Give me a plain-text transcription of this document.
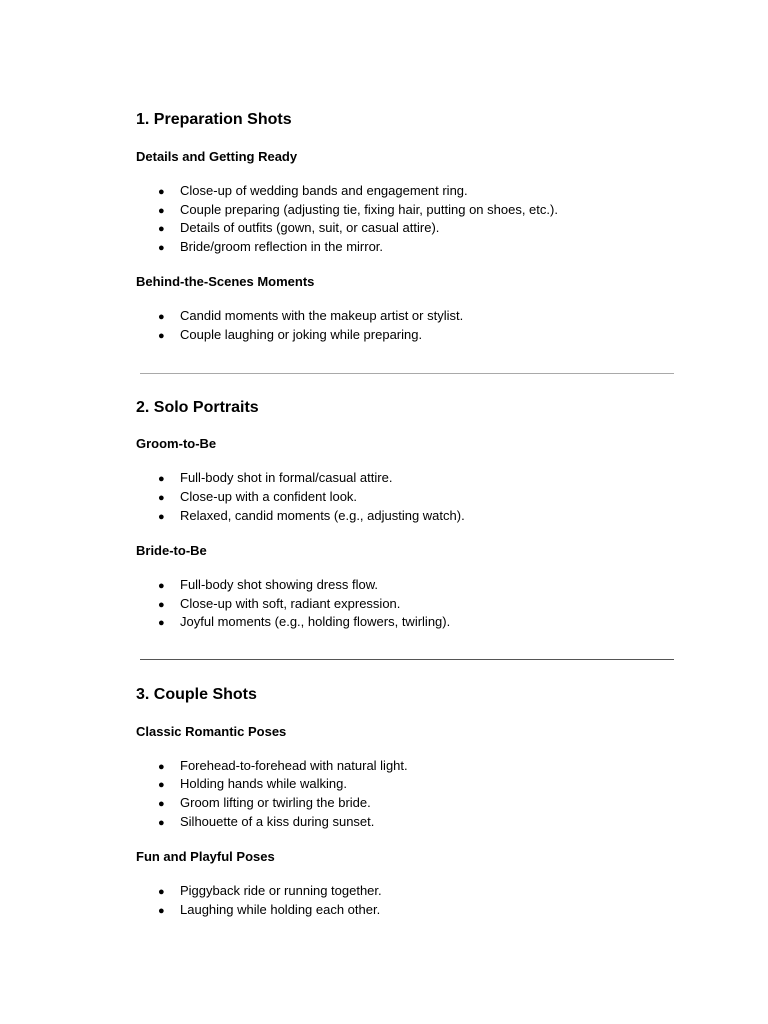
1. Preparation Shots
Details and Getting Ready
● Close-up of wedding bands and engagement ring.
● Couple preparing (adjusting tie, fixing hair, putting on shoes, etc.).
● Details of outfits (gown, suit, or casual attire).
● Bride/groom reflection in the mirror.
Behind-the-Scenes Moments
● Candid moments with the makeup artist or stylist.
● Couple laughing or joking while preparing.
2. Solo Portraits
Groom-to-Be
● Full-body shot in formal/casual attire.
● Close-up with a confident look.
● Relaxed, candid moments (e.g., adjusting watch).
Bride-to-Be
● Full-body shot showing dress flow.
● Close-up with soft, radiant expression.
● Joyful moments (e.g., holding flowers, twirling).
3. Couple Shots
Classic Romantic Poses
● Forehead-to-forehead with natural light.
● Holding hands while walking.
● Groom lifting or twirling the bride.
● Silhouette of a kiss during sunset.
Fun and Playful Poses
● Piggyback ride or running together.
● Laughing while holding each other.
